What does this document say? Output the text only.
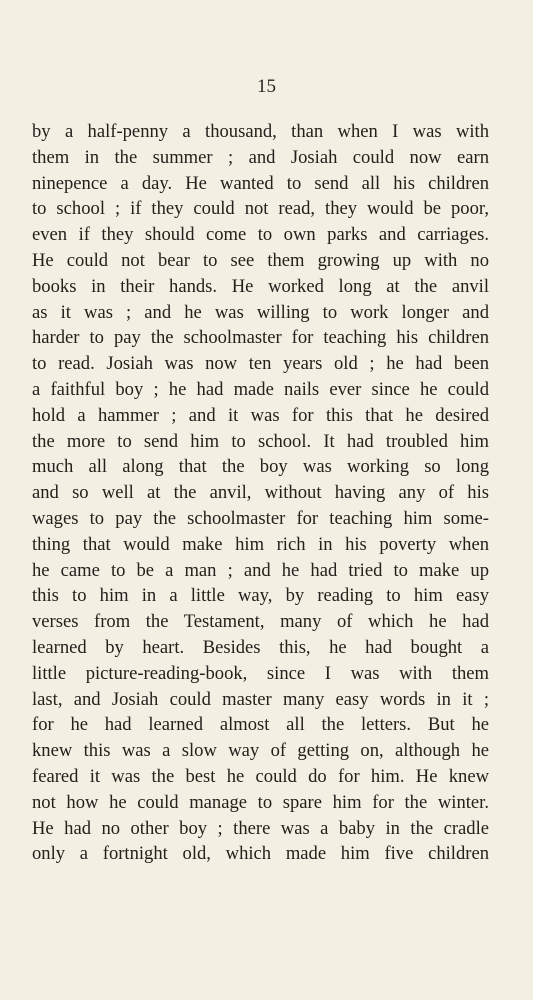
15
by a half-penny a thousand, than when I was with
them in the summer ; and Josiah could now earn
ninepence a day. He wanted to send all his children
to school ; if they could not read, they would be poor,
even if they should come to own parks and carriages.
He could not bear to see them growing up with no
books in their hands. He worked long at the anvil
as it was ; and he was willing to work longer and
harder to pay the schoolmaster for teaching his children
to read. Josiah was now ten years old ; he had been
a faithful boy ; he had made nails ever since he could
hold a hammer ; and it was for this that he desired
the more to send him to school. It had troubled him
much all along that the boy was working so long
and so well at the anvil, without having any of his
wages to pay the schoolmaster for teaching him some-
thing that would make him rich in his poverty when
he came to be a man ; and he had tried to make up
this to him in a little way, by reading to him easy
verses from the Testament, many of which he had
learned by heart. Besides this, he had bought a
little picture-reading-book, since I was with them
last, and Josiah could master many easy words in it ;
for he had learned almost all the letters. But he
knew this was a slow way of getting on, although he
feared it was the best he could do for him. He knew
not how he could manage to spare him for the winter.
He had no other boy ; there was a baby in the cradle
only a fortnight old, which made him five children
